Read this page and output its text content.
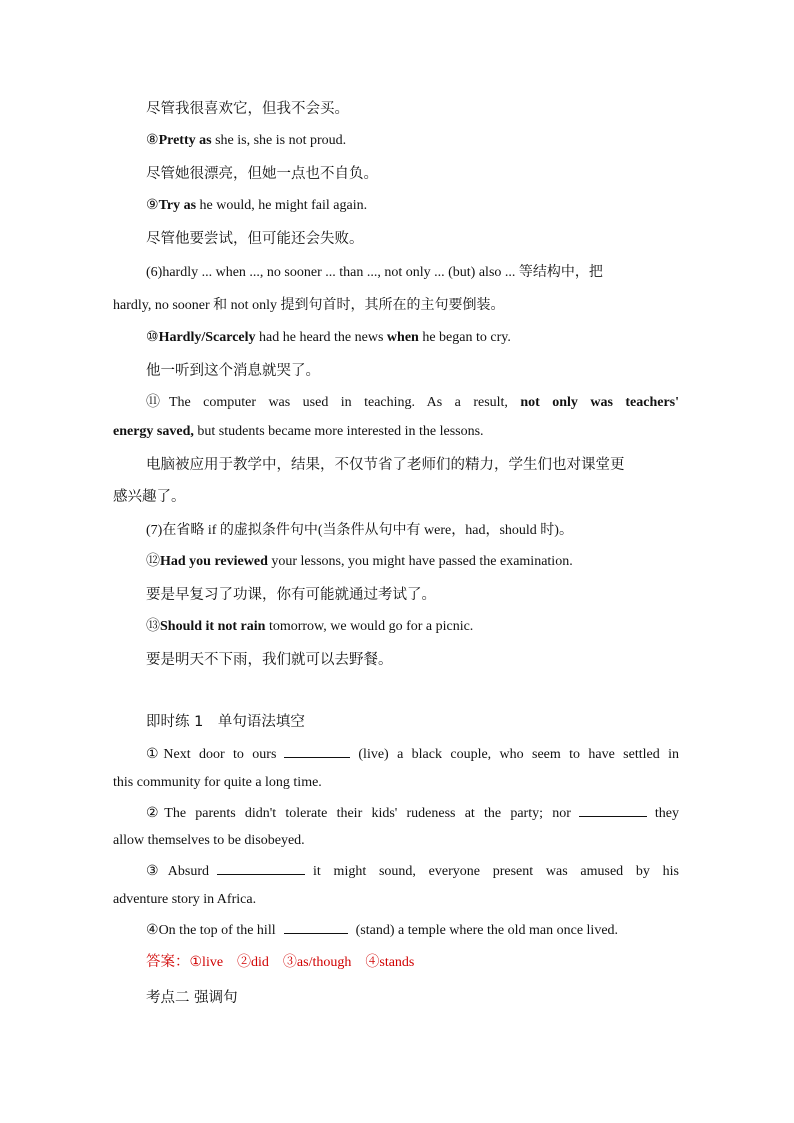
尽管我很喜欢它，但我不会买。
⑧Pretty as she is, she is not proud.
尽管她很漂亮，但她一点也不自负。
⑨Try as he would, he might fail again.
尽管他要尝试，但可能还会失败。
(6)hardly ... when ..., no sooner ... than ..., not only ... (but) also ... 等结构中，把
hardly, no sooner 和 not only 提到句首时，其所在的主句要倒装。
⑩Hardly/Scarcely had he heard the news when he began to cry.
他一听到这个消息就哭了。
⑪The computer was used in teaching. As a result, not only was teachers'
energy saved, but students became more interested in the lessons.
电脑被应用于教学中，结果，不仅节省了老师们的精力，学生们也对课堂更
感兴趣了。
(7)在省略 if 的虚拟条件句中(当条件从句中有 were，had，should 时)。
⑫Had you reviewed your lessons, you might have passed the examination.
要是早复习了功课，你有可能就通过考试了。
⑬Should it not rain tomorrow, we would go for a picnic.
要是明天不下雨，我们就可以去野餐。
即时练 1　单句语法填空
①Next door to ours	(live) a black couple, who seem to have settled in
this community for quite a long time.
②The parents didn't tolerate their kids' rudeness at the party; nor	they
allow themselves to be disobeyed.
③Absurd	it might sound, everyone present was amused by his
adventure story in Africa.
④On the top of the hill	(stand) a temple where the old man once lived.
答案：①live　②did　③as/though　④stands
考点二 强调句
